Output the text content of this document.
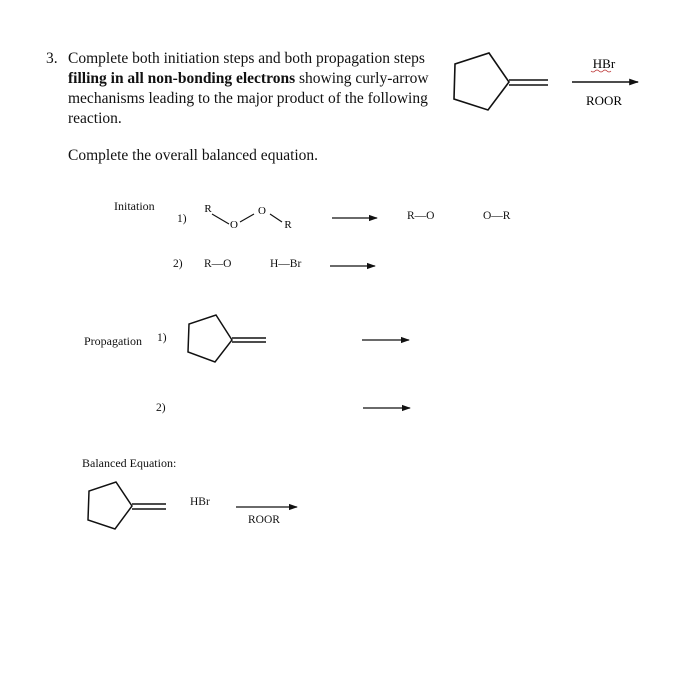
3. Complete both initiation steps and both propagation steps filling in all non-bonding electrons showing curly-arrow mechanisms leading to the major product of the following reaction.
Complete the overall balanced equation.
HBr
ROOR
R
O
O
R
Initation
1)	R—O	O—R
2) R—O	H—Br
Propagation 1)
2)
Balanced Equation:
HBr
ROOR
